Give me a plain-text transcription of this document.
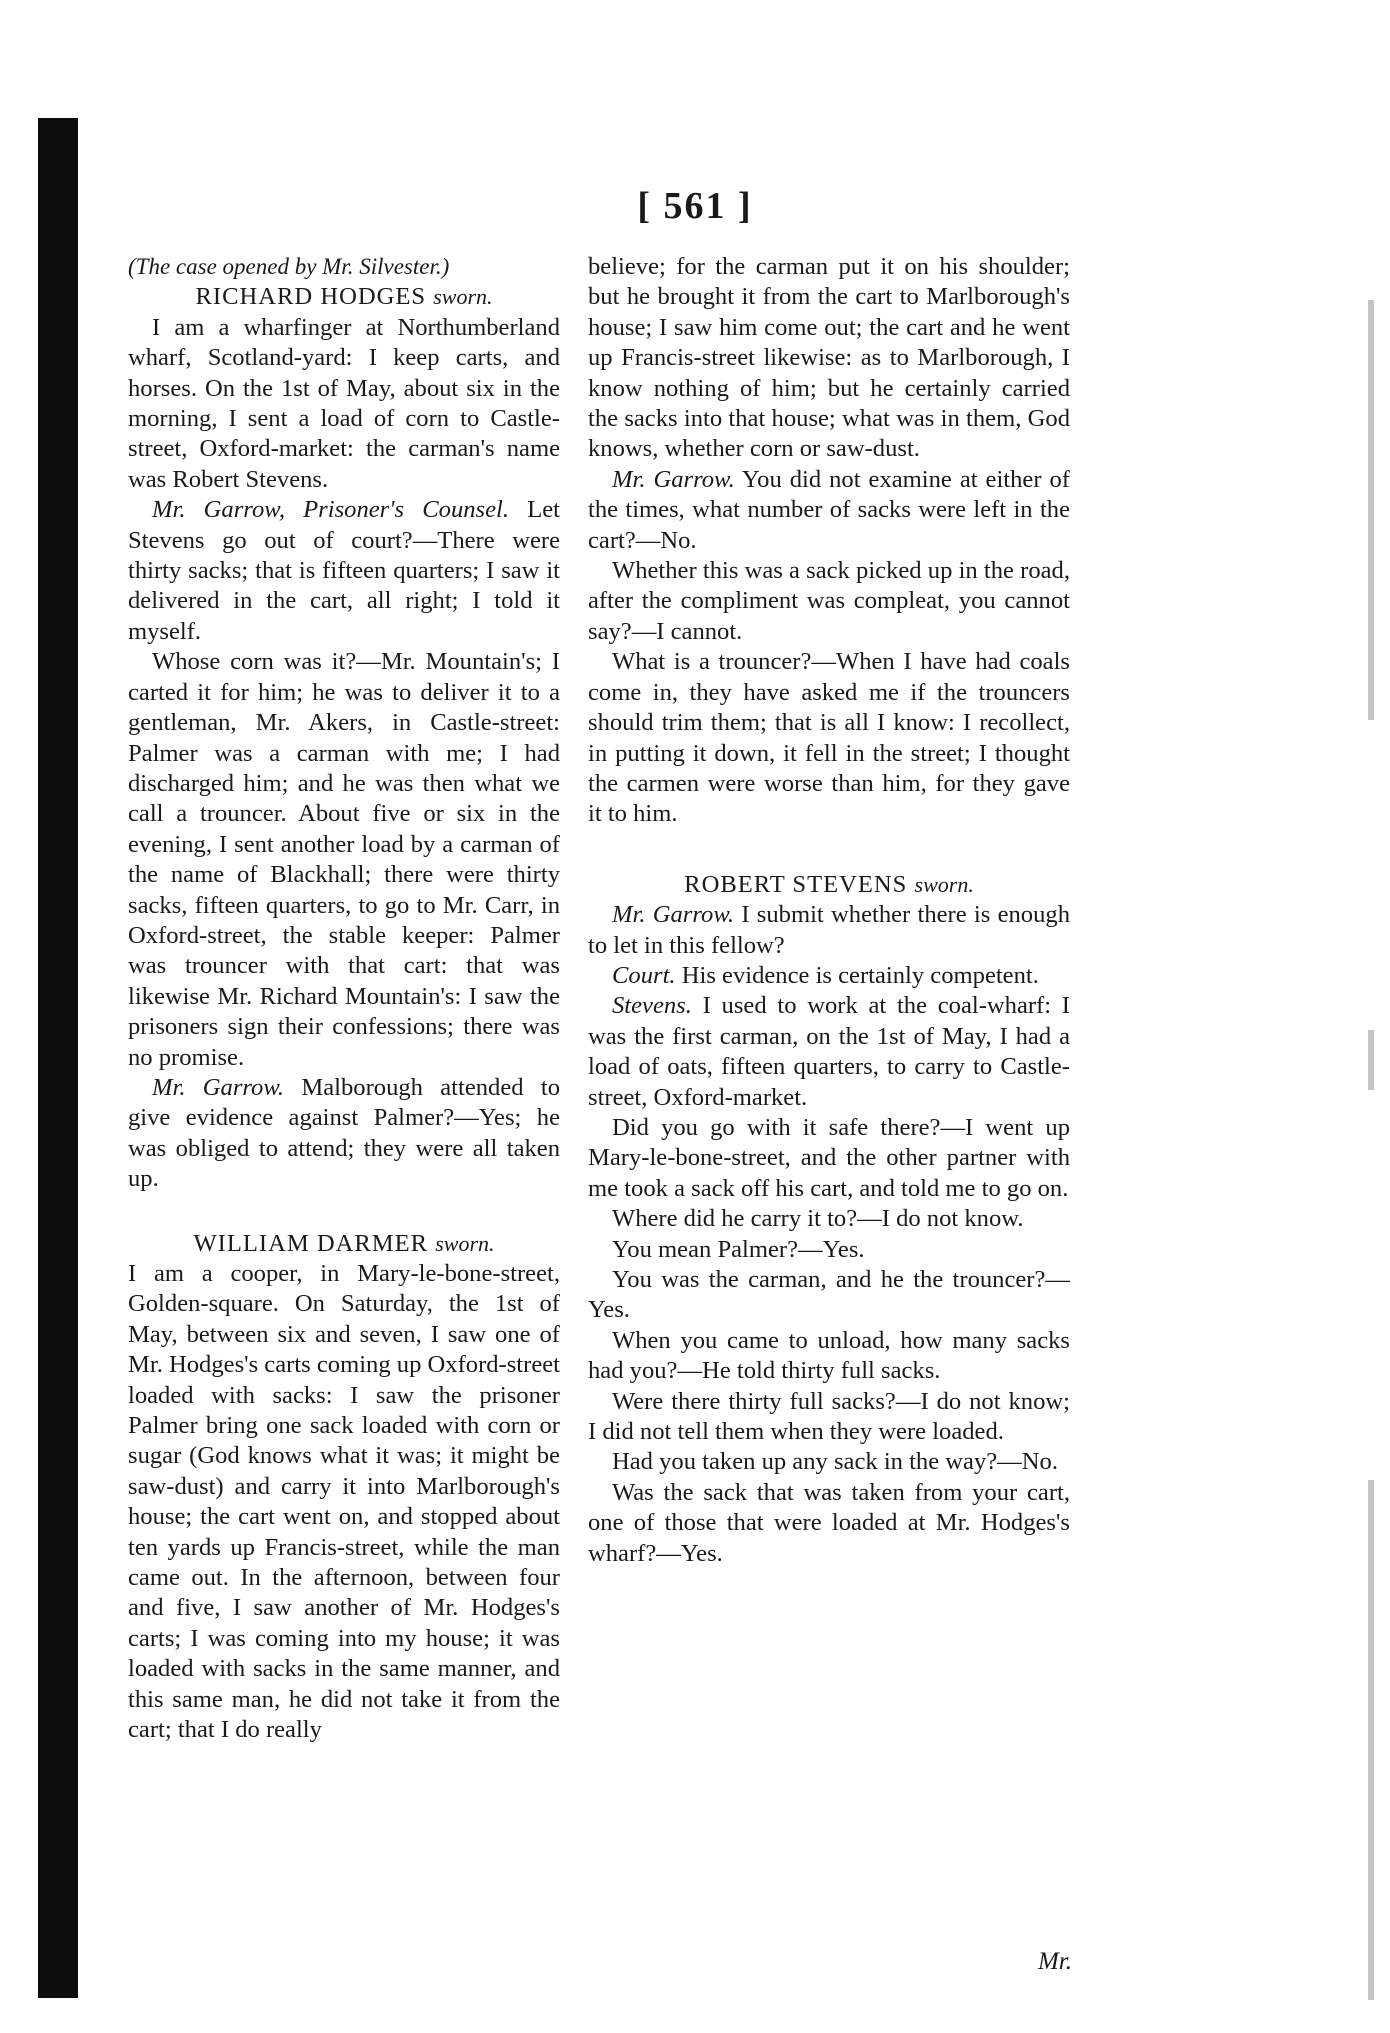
[ 561 ]

(The case opened by Mr. Silvester.)

RICHARD HODGES sworn.

I am a wharfinger at Northumberland wharf, Scotland-yard: I keep carts, and horses. On the 1st of May, about six in the morning, I sent a load of corn to Castle-street, Oxford-market: the carman's name was Robert Stevens.

Mr. Garrow, Prisoner's Counsel. Let Stevens go out of court?—There were thirty sacks; that is fifteen quarters; I saw it delivered in the cart, all right; I told it myself.

Whose corn was it?—Mr. Mountain's; I carted it for him; he was to deliver it to a gentleman, Mr. Akers, in Castle-street: Palmer was a carman with me; I had discharged him; and he was then what we call a trouncer. About five or six in the evening, I sent another load by a carman of the name of Blackhall; there were thirty sacks, fifteen quarters, to go to Mr. Carr, in Oxford-street, the stable keeper: Palmer was trouncer with that cart: that was likewise Mr. Richard Mountain's: I saw the prisoners sign their confessions; there was no promise.

Mr. Garrow. Malborough attended to give evidence against Palmer?—Yes; he was obliged to attend; they were all taken up.

WILLIAM DARMER sworn.

I am a cooper, in Mary-le-bone-street, Golden-square. On Saturday, the 1st of May, between six and seven, I saw one of Mr. Hodges's carts coming up Oxford-street loaded with sacks: I saw the prisoner Palmer bring one sack loaded with corn or sugar (God knows what it was; it might be saw-dust) and carry it into Marlborough's house; the cart went on, and stopped about ten yards up Francis-street, while the man came out. In the afternoon, between four and five, I saw another of Mr. Hodges's carts; I was coming into my house; it was loaded with sacks in the same manner, and this same man, he did not take it from the cart; that I do really

believe; for the carman put it on his shoulder; but he brought it from the cart to Marlborough's house; I saw him come out; the cart and he went up Francis-street likewise: as to Marlborough, I know nothing of him; but he certainly carried the sacks into that house; what was in them, God knows, whether corn or saw-dust.

Mr. Garrow. You did not examine at either of the times, what number of sacks were left in the cart?—No.

Whether this was a sack picked up in the road, after the compliment was compleat, you cannot say?—I cannot.

What is a trouncer?—When I have had coals come in, they have asked me if the trouncers should trim them; that is all I know: I recollect, in putting it down, it fell in the street; I thought the carmen were worse than him, for they gave it to him.

ROBERT STEVENS sworn.

Mr. Garrow. I submit whether there is enough to let in this fellow?

Court. His evidence is certainly competent.

Stevens. I used to work at the coal-wharf: I was the first carman, on the 1st of May, I had a load of oats, fifteen quarters, to carry to Castle-street, Oxford-market.

Did you go with it safe there?—I went up Mary-le-bone-street, and the other partner with me took a sack off his cart, and told me to go on.

Where did he carry it to?—I do not know.

You mean Palmer?—Yes.

You was the carman, and he the trouncer?—Yes.

When you came to unload, how many sacks had you?—He told thirty full sacks.

Were there thirty full sacks?—I do not know; I did not tell them when they were loaded.

Had you taken up any sack in the way?—No.

Was the sack that was taken from your cart, one of those that were loaded at Mr. Hodges's wharf?—Yes.

Mr.
